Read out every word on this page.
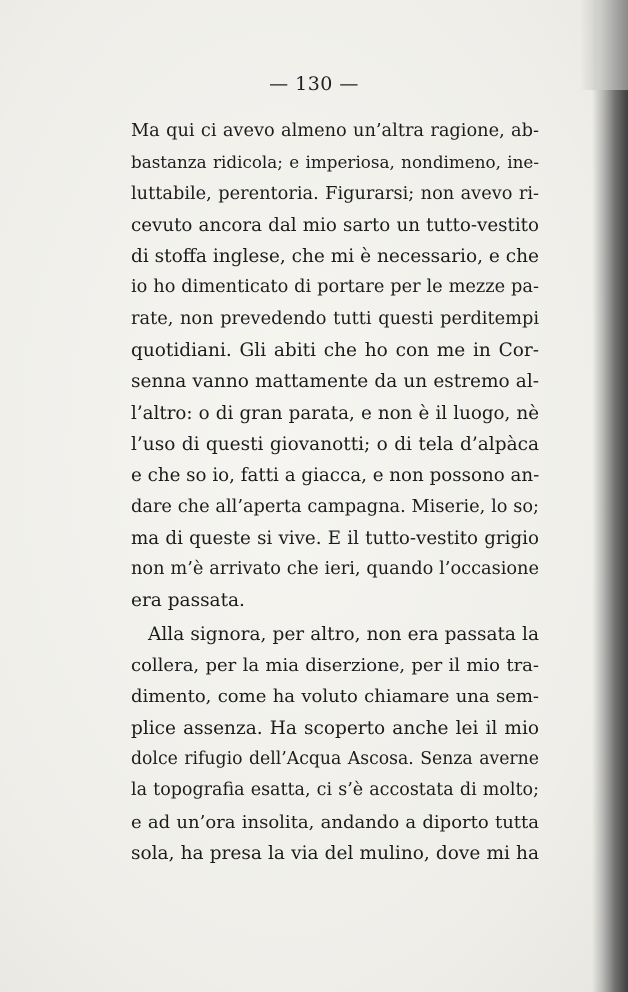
— 130 —
Ma qui ci avevo almeno un’altra ragione, ab-
bastanza ridicola; e imperiosa, nondimeno, ine-
luttabile, perentoria. Figurarsi; non avevo ri-
cevuto ancora dal mio sarto un tutto-vestito
di stoffa inglese, che mi è necessario, e che
io ho dimenticato di portare per le mezze pa-
rate, non prevedendo tutti questi perditempi
quotidiani. Gli abiti che ho con me in Cor-
senna vanno mattamente da un estremo al-
l’altro: o di gran parata, e non è il luogo, nè
l’uso di questi giovanotti; o di tela d’alpàca
e che so io, fatti a giacca, e non possono an-
dare che all’aperta campagna. Miserie, lo so;
ma di queste si vive. E il tutto-vestito grigio
non m’è arrivato che ieri, quando l’occasione
era passata.
Alla signora, per altro, non era passata la
collera, per la mia diserzione, per il mio tra-
dimento, come ha voluto chiamare una sem-
plice assenza. Ha scoperto anche lei il mio
dolce rifugio dell’Acqua Ascosa. Senza averne
la topografia esatta, ci s’è accostata di molto;
e ad un’ora insolita, andando a diporto tutta
sola, ha presa la via del mulino, dove mi ha
